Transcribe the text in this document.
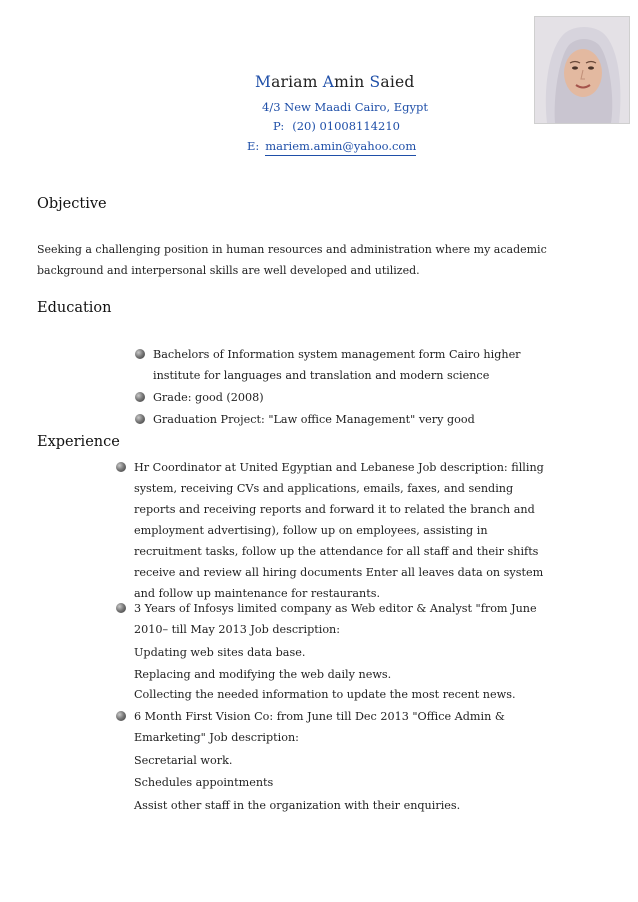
Mariam Amin Saied
4/3 New Maadi Cairo, Egypt
P: (20) 01008114210
E: mariem.amin@yahoo.com
Objective
Seeking a challenging position in human resources and administration where my academic background and interpersonal skills are well developed and utilized.
Education
Bachelors of Information system management form Cairo higher institute for languages and translation and modern science
Grade: good (2008)
Graduation Project: "Law office Management" very good
Experience
Hr Coordinator at United Egyptian and Lebanese Job description: filling system, receiving CVs and applications, emails, faxes, and sending reports and receiving reports and forward it to related the branch and employment advertising), follow up on employees, assisting in recruitment tasks, follow up the attendance for all staff and their shifts receive and review all hiring documents Enter all leaves data on system and follow up maintenance for restaurants.
3 Years of Infosys limited company as Web editor & Analyst "from June 2010– till May 2013 Job description:
Updating web sites data base.
Replacing and modifying the web daily news.
Collecting the needed information to update the most recent news.
6 Month First Vision Co: from June till Dec 2013 "Office Admin & Emarketing" Job description:
Secretarial work.
Schedules appointments
Assist other staff in the organization with their enquiries.
